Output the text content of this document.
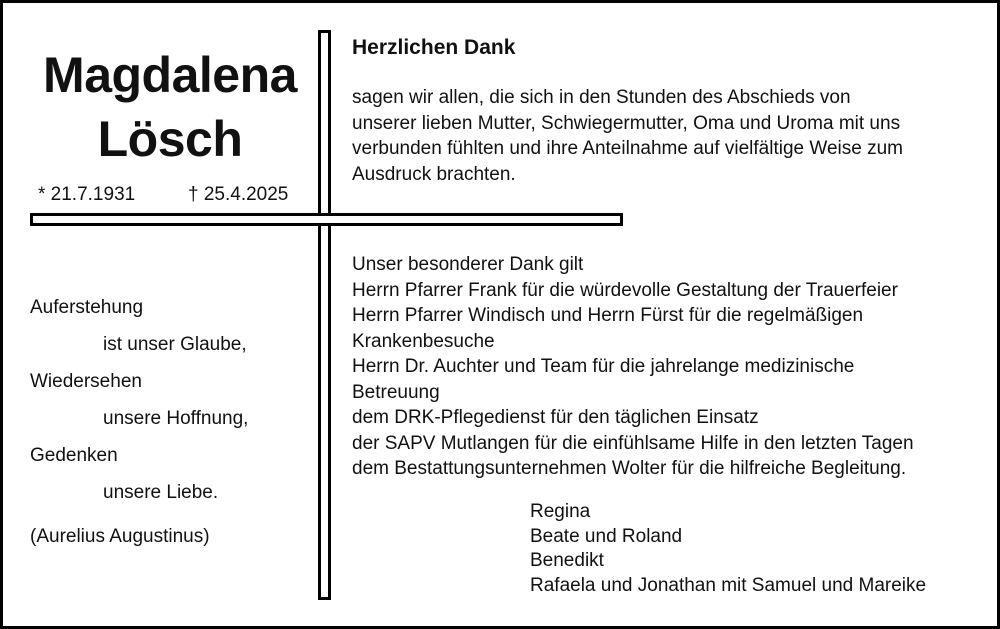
Magdalena
Lösch
* 21.7.1931	† 25.4.2025
Auferstehung
ist unser Glaube,
Wiedersehen
unsere Hoffnung,
Gedenken
unsere Liebe.
(Aurelius Augustinus)
Herzlichen Dank
sagen wir allen, die sich in den Stunden des Abschieds von
unserer lieben Mutter, Schwiegermutter, Oma und Uroma mit uns
verbunden fühlten und ihre Anteilnahme auf vielfältige Weise zum
Ausdruck brachten.
Unser besonderer Dank gilt
Herrn Pfarrer Frank für die würdevolle Gestaltung der Trauerfeier
Herrn Pfarrer Windisch und Herrn Fürst für die regelmäßigen
Krankenbesuche
Herrn Dr. Auchter und Team für die jahrelange medizinische
Betreuung
dem DRK-Pflegedienst für den täglichen Einsatz
der SAPV Mutlangen für die einfühlsame Hilfe in den letzten Tagen
dem Bestattungsunternehmen Wolter für die hilfreiche Begleitung.
Regina
Beate und Roland
Benedikt
Rafaela und Jonathan mit Samuel und Mareike
